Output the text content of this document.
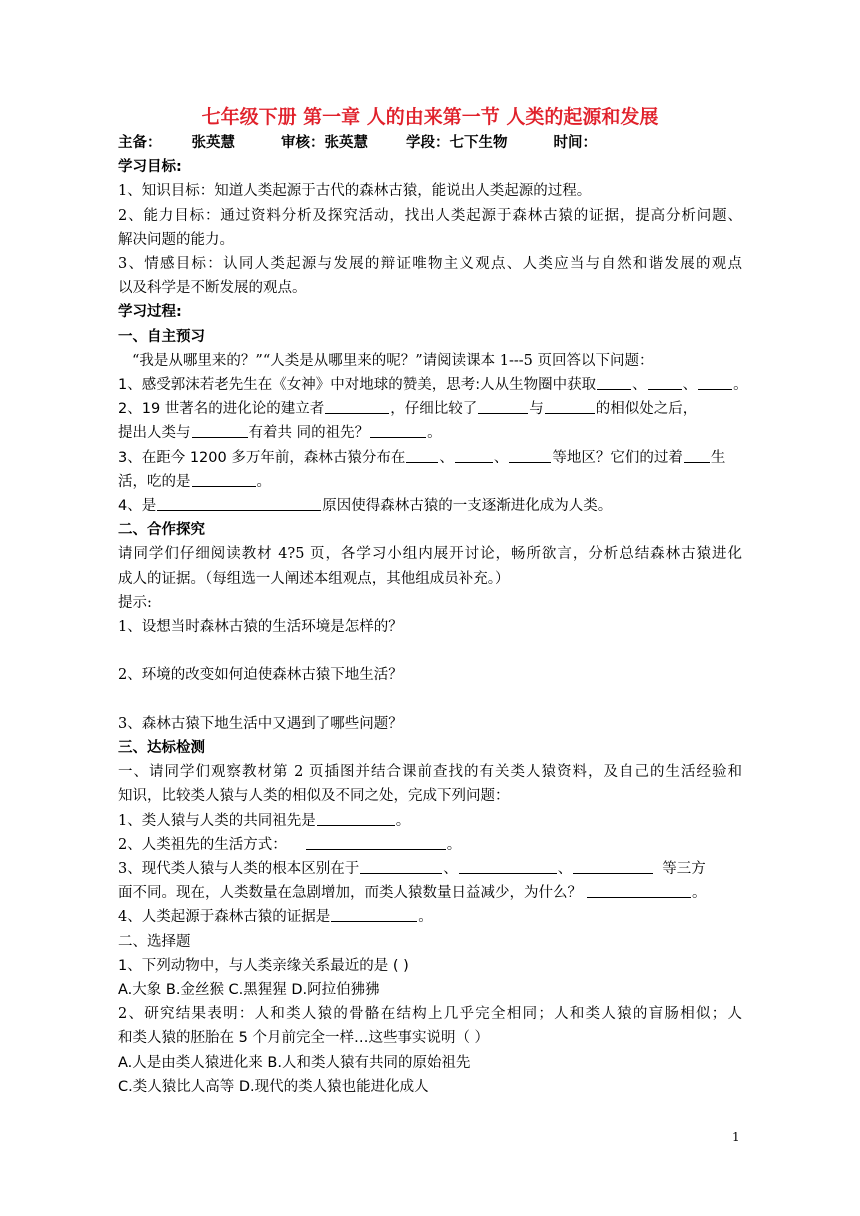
七年级下册 第一章 人的由来第一节 人类的起源和发展
主备： 张英慧	审核：张英慧	学段：七下生物	时间：
学习目标:
1、知识目标：知道人类起源于古代的森林古猿，能说出人类起源的过程。
2、能力目标：通过资料分析及探究活动，找出人类起源于森林古猿的证据，提高分析问题、
解决问题的能力。
3、情感目标：认同人类起源与发展的辩证唯物主义观点、人类应当与自然和谐发展的观点
以及科学是不断发展的观点。
学习过程:
一、自主预习
“我是从哪里来的？”“人类是从哪里来的呢？”请阅读课本 1---5 页回答以下问题：
1、感受郭沫若老先生在《女神》中对地球的赞美，思考:人从生物圈中获取 、 、 。
2、19 世著名的进化论的建立者	，仔细比较了	与	的相似处之后，
提出人类与	有着共 同的祖先？	。
3、在距今 1200 多万年前，森林古猿分布在 、	、	等地区？它们的过着 生
活，吃的是	。
4、是	原因使得森林古猿的一支逐渐进化成为人类。
二、合作探究
请同学们仔细阅读教材 4?5 页，各学习小组内展开讨论，畅所欲言，分析总结森林古猿进化
成人的证据。（每组选一人阐述本组观点，其他组成员补充。）
提示:
1、设想当时森林古猿的生活环境是怎样的？
2、环境的改变如何迫使森林古猿下地生活？
3、森林古猿下地生活中又遇到了哪些问题？
三、达标检测
一、请同学们观察教材第 2 页插图并结合课前查找的有关类人猿资料，及自己的生活经验和
知识，比较类人猿与人类的相似及不同之处，完成下列问题：
1、类人猿与人类的共同祖先是	。
2、人类祖先的生活方式：	。
3、现代类人猿与人类的根本区别在于	、	、	等三方
面不同。现在，人类数量在急剧增加，而类人猿数量日益减少，为什么？	。
4、人类起源于森林古猿的证据是	。
二、选择题
1、下列动物中，与人类亲缘关系最近的是 ( )
A.大象 B.金丝猴 C.黑猩猩 D.阿拉伯狒狒
2、研究结果表明：人和类人猿的骨骼在结构上几乎完全相同；人和类人猿的盲肠相似；人
和类人猿的胚胎在 5 个月前完全一样…这些事实说明（ ）
A.人是由类人猿进化来 B.人和类人猿有共同的原始祖先
C.类人猿比人高等 D.现代的类人猿也能进化成人
1
